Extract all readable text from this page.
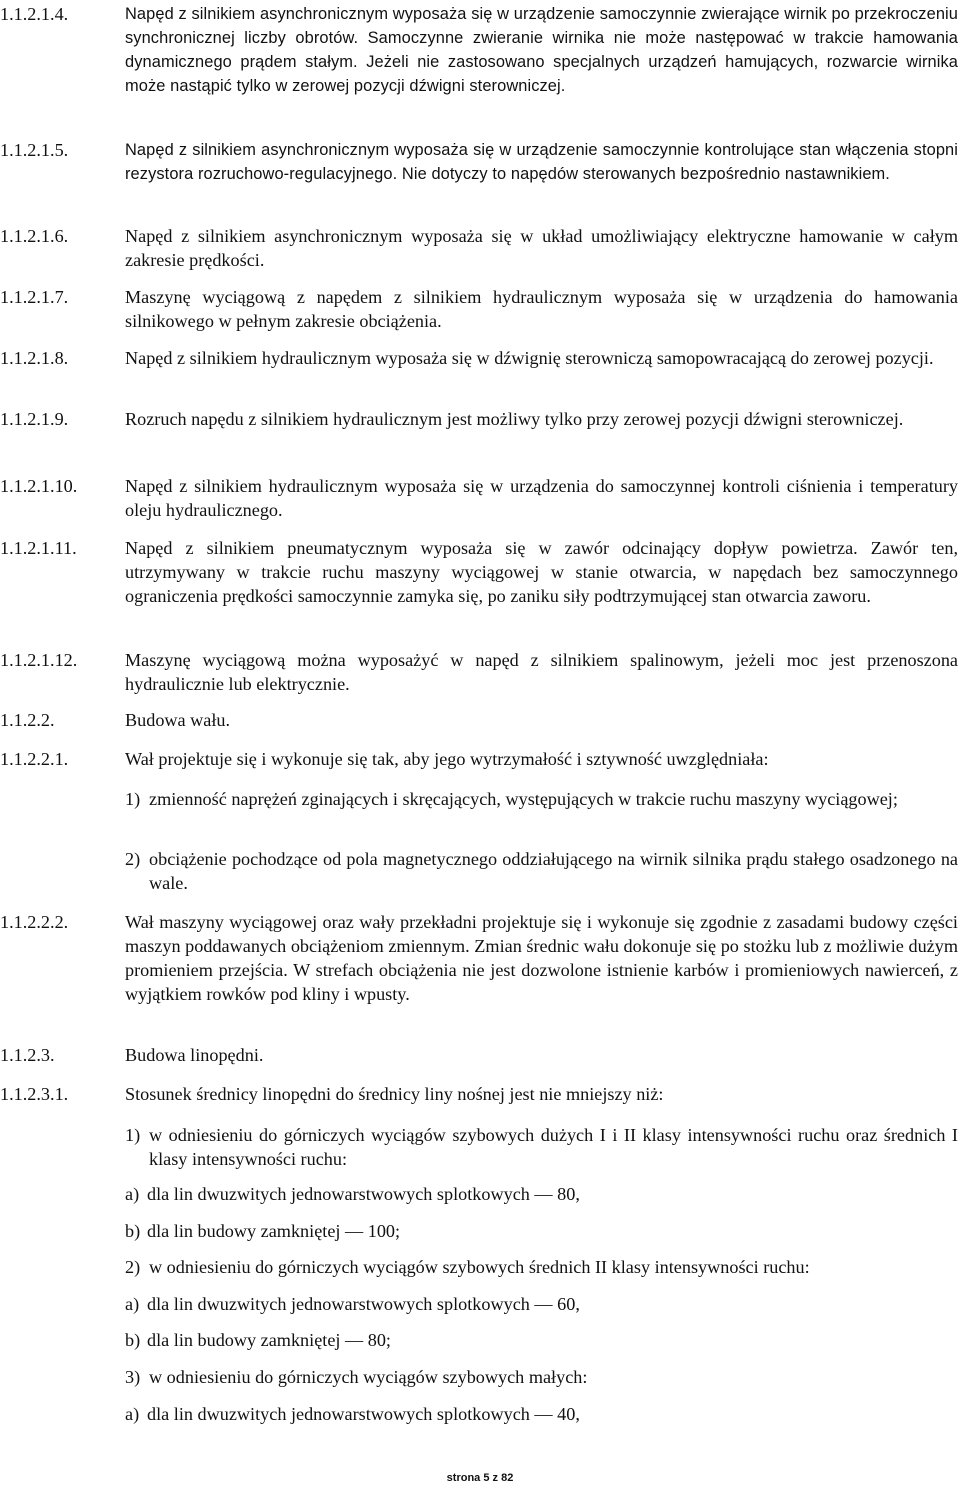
1.1.2.1.4.	Napęd z silnikiem asynchronicznym wyposaża się w urządzenie samoczynnie zwierające wirnik po przekroczeniu synchronicznej liczby obrotów. Samoczynne zwieranie wirnika nie może następować w trakcie hamowania dynamicznego prądem stałym. Jeżeli nie zastosowano specjalnych urządzeń hamujących, rozwarcie wirnika może nastąpić tylko w zerowej pozycji dźwigni sterowniczej.
1.1.2.1.5.	Napęd z silnikiem asynchronicznym wyposaża się w urządzenie samoczynnie kontrolujące stan włączenia stopni rezystora rozruchowo-regulacyjnego. Nie dotyczy to napędów sterowanych bezpośrednio nastawnikiem.
1.1.2.1.6.	Napęd z silnikiem asynchronicznym wyposaża się w układ umożliwiający elektryczne hamowanie w całym zakresie prędkości.
1.1.2.1.7.	Maszynę wyciągową z napędem z silnikiem hydraulicznym wyposaża się w urządzenia do hamowania silnikowego w pełnym zakresie obciążenia.
1.1.2.1.8.	Napęd z silnikiem hydraulicznym wyposaża się w dźwignię sterowniczą samopowracającą do zerowej pozycji.
1.1.2.1.9.	Rozruch napędu z silnikiem hydraulicznym jest możliwy tylko przy zerowej pozycji dźwigni sterowniczej.
1.1.2.1.10.	Napęd z silnikiem hydraulicznym wyposaża się w urządzenia do samoczynnej kontroli ciśnienia i temperatury oleju hydraulicznego.
1.1.2.1.11.	Napęd z silnikiem pneumatycznym wyposaża się w zawór odcinający dopływ powietrza. Zawór ten, utrzymywany w trakcie ruchu maszyny wyciągowej w stanie otwarcia, w napędach bez samoczynnego ograniczenia prędkości samoczynnie zamyka się, po zaniku siły podtrzymującej stan otwarcia zaworu.
1.1.2.1.12.	Maszynę wyciągową można wyposażyć w napęd z silnikiem spalinowym, jeżeli moc jest przenoszona hydraulicznie lub elektrycznie.
1.1.2.2.	Budowa wału.
1.1.2.2.1.	Wał projektuje się i wykonuje się tak, aby jego wytrzymałość i sztywność uwzględniała:
1) zmienność naprężeń zginających i skręcających, występujących w trakcie ruchu maszyny wyciągowej;
2) obciążenie pochodzące od pola magnetycznego oddziałującego na wirnik silnika prądu stałego osadzonego na wale.
1.1.2.2.2.	Wał maszyny wyciągowej oraz wały przekładni projektuje się i wykonuje się zgodnie z zasadami budowy części maszyn poddawanych obciążeniom zmiennym. Zmian średnic wału dokonuje się po stożku lub z możliwie dużym promieniem przejścia. W strefach obciążenia nie jest dozwolone istnienie karbów i promieniowych nawierceń, z wyjątkiem rowków pod kliny i wpusty.
1.1.2.3.	Budowa linopędni.
1.1.2.3.1.	Stosunek średnicy linopędni do średnicy liny nośnej jest nie mniejszy niż:
1) w odniesieniu do górniczych wyciągów szybowych dużych I i II klasy intensywności ruchu oraz średnich I klasy intensywności ruchu:
a) dla lin dwuzwitych jednowarstwowych splotkowych — 80,
b) dla lin budowy zamkniętej — 100;
2) w odniesieniu do górniczych wyciągów szybowych średnich II klasy intensywności ruchu:
a) dla lin dwuzwitych jednowarstwowych splotkowych — 60,
b) dla lin budowy zamkniętej — 80;
3) w odniesieniu do górniczych wyciągów szybowych małych:
a) dla lin dwuzwitych jednowarstwowych splotkowych — 40,
strona 5 z 82
